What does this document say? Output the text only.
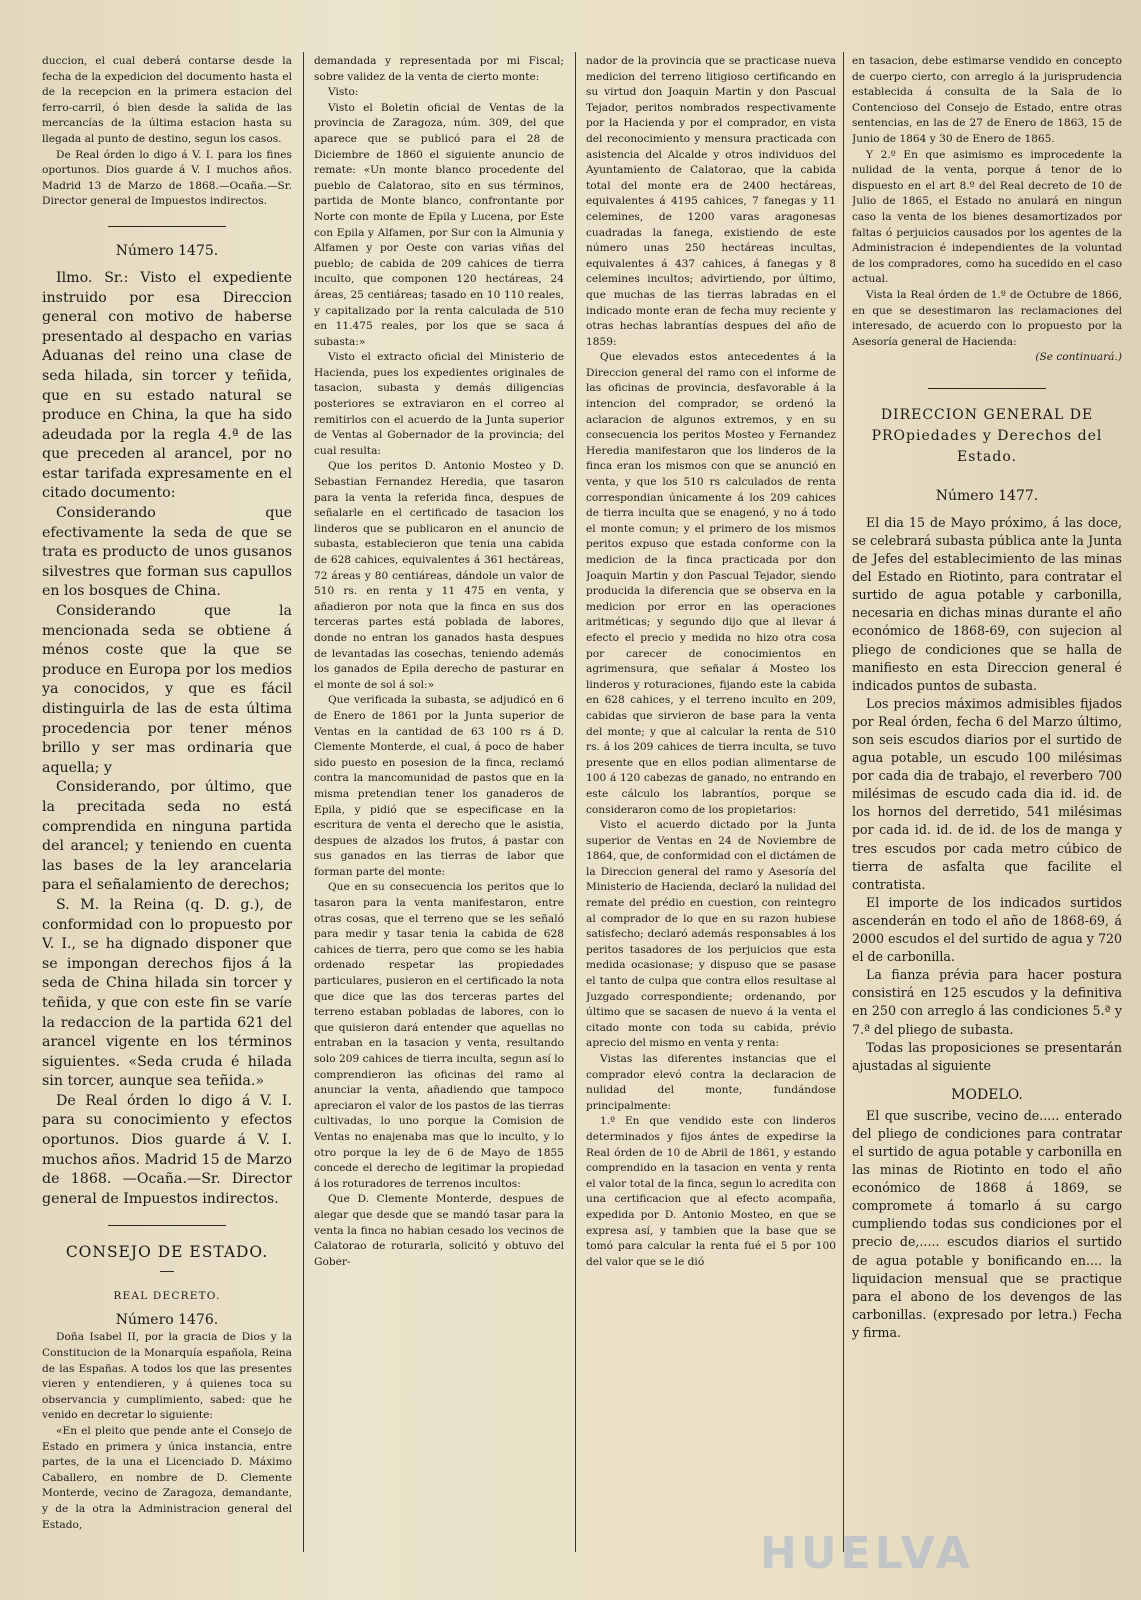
duccion, el cual deberá contarse desde la fecha de la expedicion del documento hasta el de la recepcion en la primera estacion del ferro-carril, ó bien desde la salida de las mercancías de la última estacion hasta su llegada al punto de destino, segun los casos.

De Real órden lo digo á V. I. para los fines oportunos. Dios guarde á V. I muchos años. Madrid 13 de Marzo de 1868.—Ocaña.—Sr. Director general de Impuestos indirectos.

Número 1475.

Ilmo. Sr.: Visto el expediente instruido por esa Direccion general con motivo de haberse presentado al despacho en varias Aduanas del reino una clase de seda hilada, sin torcer y teñida, que en su estado natural se produce en China, la que ha sido adeudada por la regla 4.ª de las que preceden al arancel, por no estar tarifada expresamente en el citado documento:

Considerando que efectivamente la seda de que se trata es producto de unos gusanos silvestres que forman sus capullos en los bosques de China.

Considerando que la mencionada seda se obtiene á ménos coste que la que se produce en Europa por los medios ya conocidos, y que es fácil distinguirla de las de esta última procedencia por tener ménos brillo y ser mas ordinaria que aquella; y

Considerando, por último, que la precitada seda no está comprendida en ninguna partida del arancel; y teniendo en cuenta las bases de la ley arancelaria para el señalamiento de derechos;

S. M. la Reina (q. D. g.), de conformidad con lo propuesto por V. I., se ha dignado disponer que se impongan derechos fijos á la seda de China hilada sin torcer y teñida, y que con este fin se varíe la redaccion de la partida 621 del arancel vigente en los términos siguientes. «Seda cruda é hilada sin torcer, aunque sea teñida.»

De Real órden lo digo á V. I. para su conocimiento y efectos oportunos. Dios guarde á V. I. muchos años. Madrid 15 de Marzo de 1868. —Ocaña.—Sr. Director general de Impuestos indirectos.

CONSEJO DE ESTADO.
REAL DECRETO.
Número 1476.

Doña Isabel II, por la gracia de Dios y la Constitucion de la Monarquía española, Reina de las Españas. A todos los que las presentes vieren y entendieren, y á quienes toca su observancia y cumplimiento, sabed: que he venido en decretar lo siguiente:

«En el pleito que pende ante el Consejo de Estado en primera y única instancia, entre partes, de la una el Licenciado D. Máximo Caballero, en nombre de D. Clemente Monterde, vecino de Zaragoza, demandante, y de la otra la Administracion general del Estado,

demandada y representada por mi Fiscal; sobre validez de la venta de cierto monte:

Visto:

Visto el Boletin oficial de Ventas de la provincia de Zaragoza, núm. 309, del que aparece que se publicó para el 28 de Diciembre de 1860 el siguiente anuncio de remate: «Un monte blanco procedente del pueblo de Calatorao, sito en sus términos, partida de Monte blanco, confrontante por Norte con monte de Epila y Lucena, por Este con Epila y Alfamen, por Sur con la Almunia y Alfamen y por Oeste con varias viñas del pueblo; de cabida de 209 cahices de tierra inculto, que componen 120 hectáreas, 24 áreas, 25 centiáreas; tasado en 10 110 reales, y capitalizado por la renta calculada de 510 en 11.475 reales, por los que se saca á subasta:»

Visto el extracto oficial del Ministerio de Hacienda, pues los expedientes originales de tasacion, subasta y demás diligencias posteriores se extraviaron en el correo al remitirlos con el acuerdo de la Junta superior de Ventas al Gobernador de la provincia; del cual resulta:

Que los peritos D. Antonio Mosteo y D. Sebastian Fernandez Heredia, que tasaron para la venta la referida finca, despues de señalarle en el certificado de tasacion los linderos que se publicaron en el anuncio de subasta, establecieron que tenia una cabida de 628 cahices, equivalentes á 361 hectáreas, 72 áreas y 80 centiáreas, dándole un valor de 510 rs. en renta y 11 475 en venta, y añadieron por nota que la finca en sus dos terceras partes está poblada de labores, donde no entran los ganados hasta despues de levantadas las cosechas, teniendo además los ganados de Epila derecho de pasturar en el monte de sol á sol:»

Que verificada la subasta, se adjudicó en 6 de Enero de 1861 por la Junta superior de Ventas en la cantidad de 63 100 rs á D. Clemente Monterde, el cual, á poco de haber sido puesto en posesion de la finca, reclamó contra la mancomunidad de pastos que en la misma pretendian tener los ganaderos de Epila, y pidió que se especificase en la escritura de venta el derecho que le asistia, despues de alzados los frutos, á pastar con sus ganados en las tierras de labor que forman parte del monte:

Que en su consecuencia los peritos que lo tasaron para la venta manifestaron, entre otras cosas, que el terreno que se les señaló para medir y tasar tenia la cabida de 628 cahices de tierra, pero que como se les habia ordenado respetar las propiedades particulares, pusieron en el certificado la nota que dice que las dos terceras partes del terreno estaban pobladas de labores, con lo que quisieron dará entender que aquellas no entraban en la tasacion y venta, resultando solo 209 cahices de tierra inculta, segun así lo comprendieron las oficinas del ramo al anunciar la venta, añadiendo que tampoco apreciaron el valor de los pastos de las tierras cultivadas, lo uno porque la Comision de Ventas no enajenaba mas que lo inculto, y lo otro porque la ley de 6 de Mayo de 1855 concede el derecho de legitimar la propiedad á los roturadores de terrenos incultos:

Que D. Clemente Monterde, despues de alegar que desde que se mandó tasar para la venta la finca no habian cesado los vecinos de Calatorao de roturarla, solicitó y obtuvo del Gober-

nador de la provincia que se practicase nueva medicion del terreno litigioso certificando en su virtud don Joaquin Martin y don Pascual Tejador, peritos nombrados respectivamente por la Hacienda y por el comprador, en vista del reconocimiento y mensura practicada con asistencia del Alcalde y otros individuos del Ayuntamiento de Calatorao, que la cabida total del monte era de 2400 hectáreas, equivalentes á 4195 cahices, 7 fanegas y 11 celemines, de 1200 varas aragonesas cuadradas la fanega, existiendo de este número unas 250 hectáreas incultas, equivalentes á 437 cahices, á fanegas y 8 celemines incultos; advirtiendo, por último, que muchas de las tierras labradas en el indicado monte eran de fecha muy reciente y otras hechas labrantías despues del año de 1859:

Que elevados estos antecedentes á la Direccion general del ramo con el informe de las oficinas de provincia, desfavorable á la intencion del comprador, se ordenó la aclaracion de algunos extremos, y en su consecuencia los peritos Mosteo y Fernandez Heredia manifestaron que los linderos de la finca eran los mismos con que se anunció en venta, y que los 510 rs calculados de renta correspondian únicamente á los 209 cahices de tierra inculta que se enagenó, y no á todo el monte comun; y el primero de los mismos peritos expuso que estada conforme con la medicion de la finca practicada por don Joaquin Martin y don Pascual Tejador, siendo producida la diferencia que se observa en la medicion por error en las operaciones aritméticas; y segundo dijo que al llevar á efecto el precio y medida no hizo otra cosa por carecer de conocimientos en agrimensura, que señalar á Mosteo los linderos y roturaciones, fijando este la cabida en 628 cahices, y el terreno inculto en 209, cabidas que sirvieron de base para la venta del monte; y que al calcular la renta de 510 rs. á los 209 cahices de tierra inculta, se tuvo presente que en ellos podian alimentarse de 100 á 120 cabezas de ganado, no entrando en este cálculo los labrantíos, porque se consideraron como de los propietarios:

Visto el acuerdo dictado por la Junta superior de Ventas en 24 de Noviembre de 1864, que, de conformidad con el dictámen de la Direccion general del ramo y Asesoría del Ministerio de Hacienda, declaró la nulidad del remate del prédio en cuestion, con reintegro al comprador de lo que en su razon hubiese satisfecho; declaró además responsables á los peritos tasadores de los perjuicios que esta medida ocasionase; y dispuso que se pasase el tanto de culpa que contra ellos resultase al Juzgado correspondiente; ordenando, por último que se sacasen de nuevo á la venta el citado monte con toda su cabida, prévio aprecio del mismo en venta y renta:

Vistas las diferentes instancias que el comprador elevó contra la declaracion de nulidad del monte, fundándose principalmente:

1.º En que vendido este con linderos determinados y fijos ántes de expedirse la Real órden de 10 de Abril de 1861, y estando comprendido en la tasacion en venta y renta el valor total de la finca, segun lo acredita con una certificacion que al efecto acompaña, expedida por D. Antonio Mosteo, en que se expresa así, y tambien que la base que se tomó para calcular la renta fué el 5 por 100 del valor que se le dió

en tasacion, debe estimarse vendido en concepto de cuerpo cierto, con arreglo á la jurisprudencia establecida á consulta de la Sala de lo Contencioso del Consejo de Estado, entre otras sentencias, en las de 27 de Enero de 1863, 15 de Junio de 1864 y 30 de Enero de 1865.

Y 2.º En que asimismo es improcedente la nulidad de la venta, porque á tenor de lo dispuesto en el art 8.º del Real decreto de 10 de Julio de 1865, el Estado no anulará en ningun caso la venta de los bienes desamortizados por faltas ó perjuicios causados por los agentes de la Administracion é independientes de la voluntad de los compradores, como ha sucedido en el caso actual.

Vista la Real órden de 1.º de Octubre de 1866, en que se desestimaron las reclamaciones del interesado, de acuerdo con lo propuesto por la Asesoría general de Hacienda:

(Se continuará.)

DIRECCION GENERAL DE PROpiedades y Derechos del Estado.
Número 1477.

El dia 15 de Mayo próximo, á las doce, se celebrará subasta pública ante la Junta de Jefes del establecimiento de las minas del Estado en Riotinto, para contratar el surtido de agua potable y carbonilla, necesaria en dichas minas durante el año económico de 1868-69, con sujecion al pliego de condiciones que se halla de manifiesto en esta Direccion general é indicados puntos de subasta.

Los precios máximos admisibles fijados por Real órden, fecha 6 del Marzo último, son seis escudos diarios por el surtido de agua potable, un escudo 100 milésimas por cada dia de trabajo, el reverbero 700 milésimas de escudo cada dia id. id. de los hornos del derretido, 541 milésimas por cada id. id. de id. de los de manga y tres escudos por cada metro cúbico de tierra de asfalta que facilite el contratista.

El importe de los indicados surtidos ascenderán en todo el año de 1868-69, á 2000 escudos el del surtido de agua y 720 el de carbonilla.

La fianza prévia para hacer postura consistirá en 125 escudos y la definitiva en 250 con arreglo á las condiciones 5.ª y 7.ª del pliego de subasta.

Todas las proposiciones se presentarán ajustadas al siguiente

MODELO.

El que suscribe, vecino de..... enterado del pliego de condiciones para contratar el surtido de agua potable y carbonilla en las minas de Riotinto en todo el año económico de 1868 á 1869, se compromete á tomarlo á su cargo cumpliendo todas sus condiciones por el precio de,..... escudos diarios el surtido de agua potable y bonificando en.... la liquidacion mensual que se practique para el abono de los devengos de las carbonillas. (expresado por letra.) Fecha y firma.

HUELVA
